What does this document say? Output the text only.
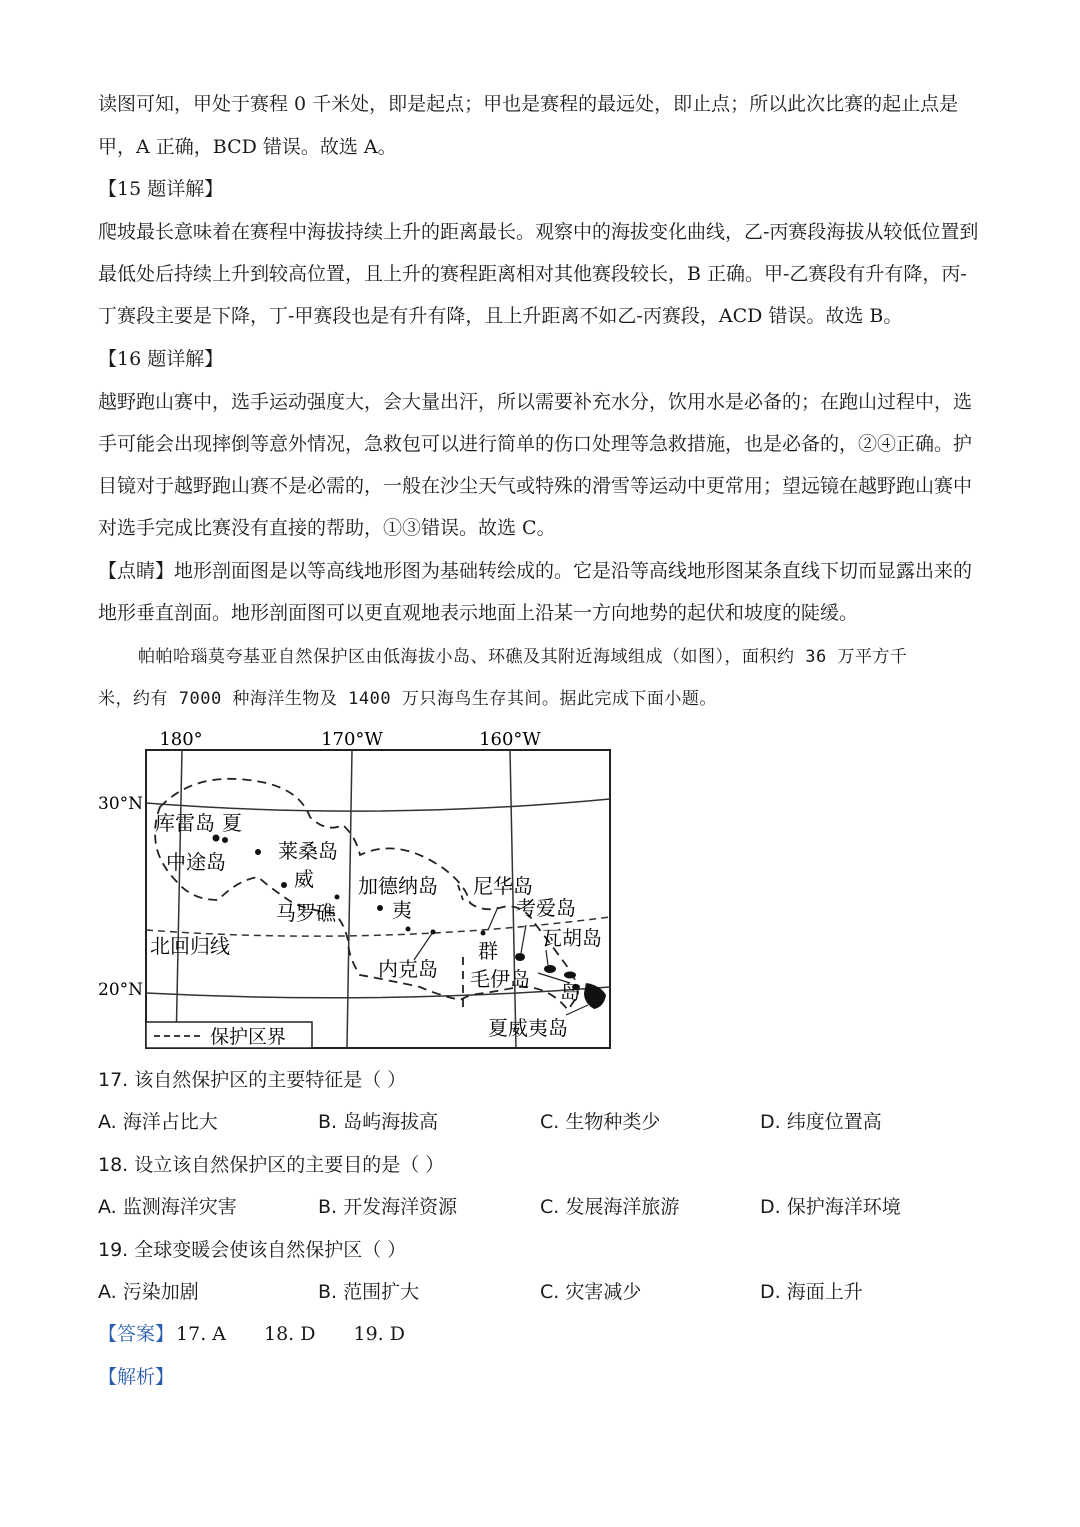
读图可知，甲处于赛程 0 千米处，即是起点；甲也是赛程的最远处，即止点；所以此次比赛的起止点是
甲，A 正确，BCD 错误。故选 A。
【15 题详解】
爬坡最长意味着在赛程中海拔持续上升的距离最长。观察中的海拔变化曲线，乙-丙赛段海拔从较低位置到
最低处后持续上升到较高位置，且上升的赛程距离相对其他赛段较长，B 正确。甲-乙赛段有升有降，丙-
丁赛段主要是下降，丁-甲赛段也是有升有降，且上升距离不如乙-丙赛段，ACD 错误。故选 B。
【16 题详解】
越野跑山赛中，选手运动强度大，会大量出汗，所以需要补充水分，饮用水是必备的；在跑山过程中，选
手可能会出现摔倒等意外情况，急救包可以进行简单的伤口处理等急救措施，也是必备的，②④正确。护
目镜对于越野跑山赛不是必需的，一般在沙尘天气或特殊的滑雪等运动中更常用；望远镜在越野跑山赛中
对选手完成比赛没有直接的帮助，①③错误。故选 C。
【点睛】地形剖面图是以等高线地形图为基础转绘成的。它是沿等高线地形图某条直线下切而显露出来的
地形垂直剖面。地形剖面图可以更直观地表示地面上沿某一方向地势的起伏和坡度的陡缓。
帕帕哈瑙莫夸基亚自然保护区由低海拔小岛、环礁及其附近海域组成（如图），面积约 36 万平方千
米，约有 7000 种海洋生物及 1400 万只海鸟生存其间。据此完成下面小题。
180°	170°W	160°W
30°N
20°N
库雷岛 夏
中途岛	莱桑岛
威
马罗礁
加德纳岛
夷
尼华岛
考爱岛
瓦胡岛
群
毛伊岛
岛
内克岛
夏威夷岛
北回归线
保护区界
17. 该自然保护区的主要特征是（ ）
A. 海洋占比大	B. 岛屿海拔高	C. 生物种类少	D. 纬度位置高
18. 设立该自然保护区的主要目的是（ ）
A. 监测海洋灾害	B. 开发海洋资源	C. 发展海洋旅游	D. 保护海洋环境
19. 全球变暖会使该自然保护区（ ）
A. 污染加剧	B. 范围扩大	C. 灾害减少	D. 海面上升
【答案】 17. A 18. D 19. D
【解析】
